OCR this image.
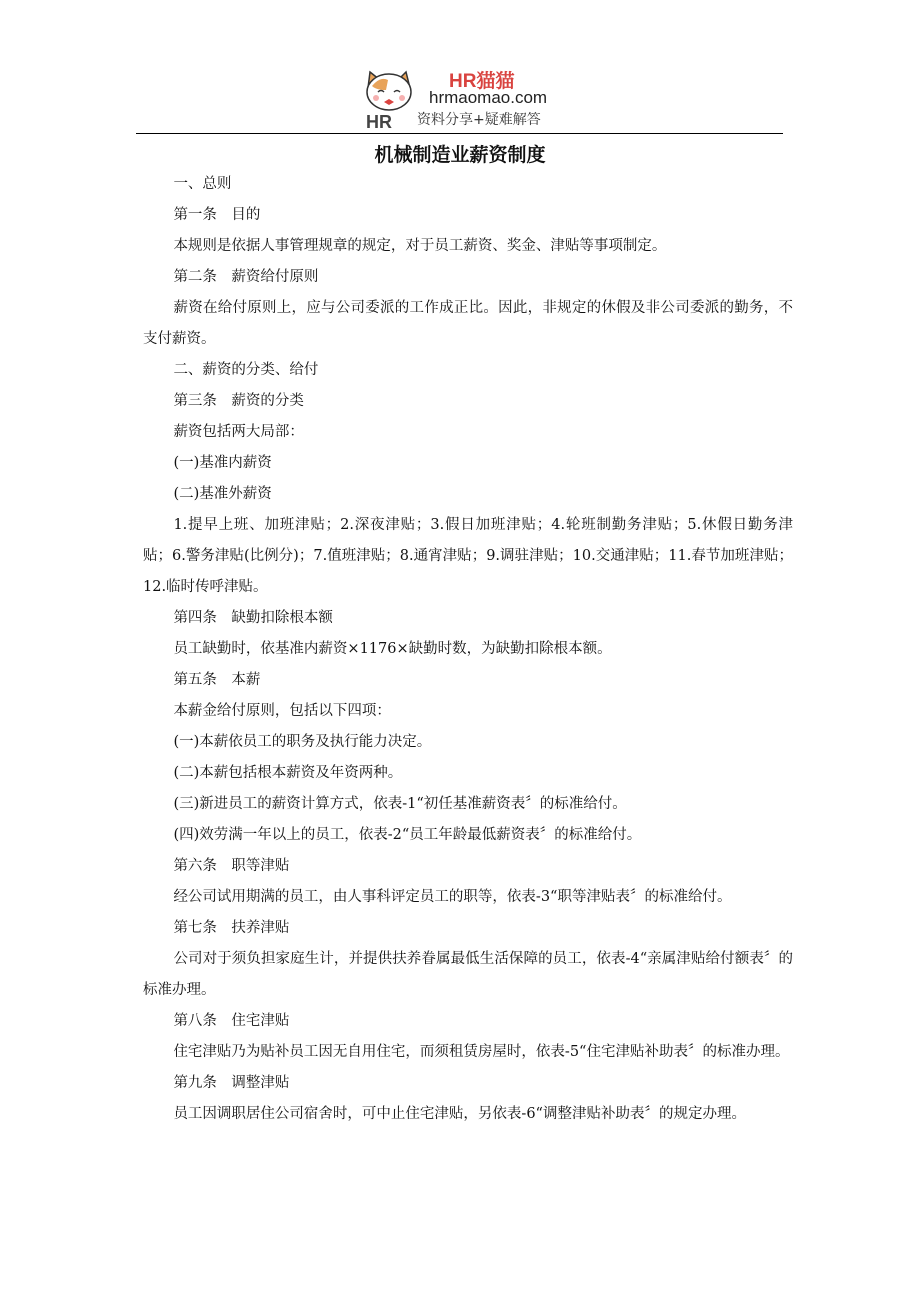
HR
HR猫猫
hrmaomao.com
资料分享+疑难解答
机械制造业薪资制度

一、总则

第一条　目的

本规则是依据人事管理规章的规定，对于员工薪资、奖金、津贴等事项制定。

第二条　薪资给付原则

薪资在给付原则上，应与公司委派的工作成正比。因此，非规定的休假及非公司委派的勤务，不支付薪资。

二、薪资的分类、给付

第三条　薪资的分类

薪资包括两大局部：

(一)基准内薪资

(二)基准外薪资

1.提早上班、加班津贴；2.深夜津贴；3.假日加班津贴；4.轮班制勤务津贴；5.休假日勤务津贴；6.警务津贴(比例分)；7.值班津贴；8.通宵津贴；9.调驻津贴；10.交通津贴；11.春节加班津贴； 12.临时传呼津贴。

第四条　缺勤扣除根本额

员工缺勤时，依基准内薪资×1176×缺勤时数，为缺勤扣除根本额。

第五条　本薪

本薪金给付原则，包括以下四项：

(一)本薪依员工的职务及执行能力决定。

(二)本薪包括根本薪资及年资两种。

(三)新进员工的薪资计算方式，依表-1“初任基准薪资表〞的标准给付。

(四)效劳满一年以上的员工，依表-2“员工年龄最低薪资表〞的标准给付。

第六条　职等津贴

经公司试用期满的员工，由人事科评定员工的职等，依表-3“职等津贴表〞的标准给付。

第七条　扶养津贴

公司对于须负担家庭生计，并提供扶养眷属最低生活保障的员工，依表-4“亲属津贴给付额表〞的标准办理。

第八条　住宅津贴

住宅津贴乃为贴补员工因无自用住宅，而须租赁房屋时，依表-5“住宅津贴补助表〞的标准办理。

第九条　调整津贴

员工因调职居住公司宿舍时，可中止住宅津贴，另依表-6“调整津贴补助表〞的规定办理。
